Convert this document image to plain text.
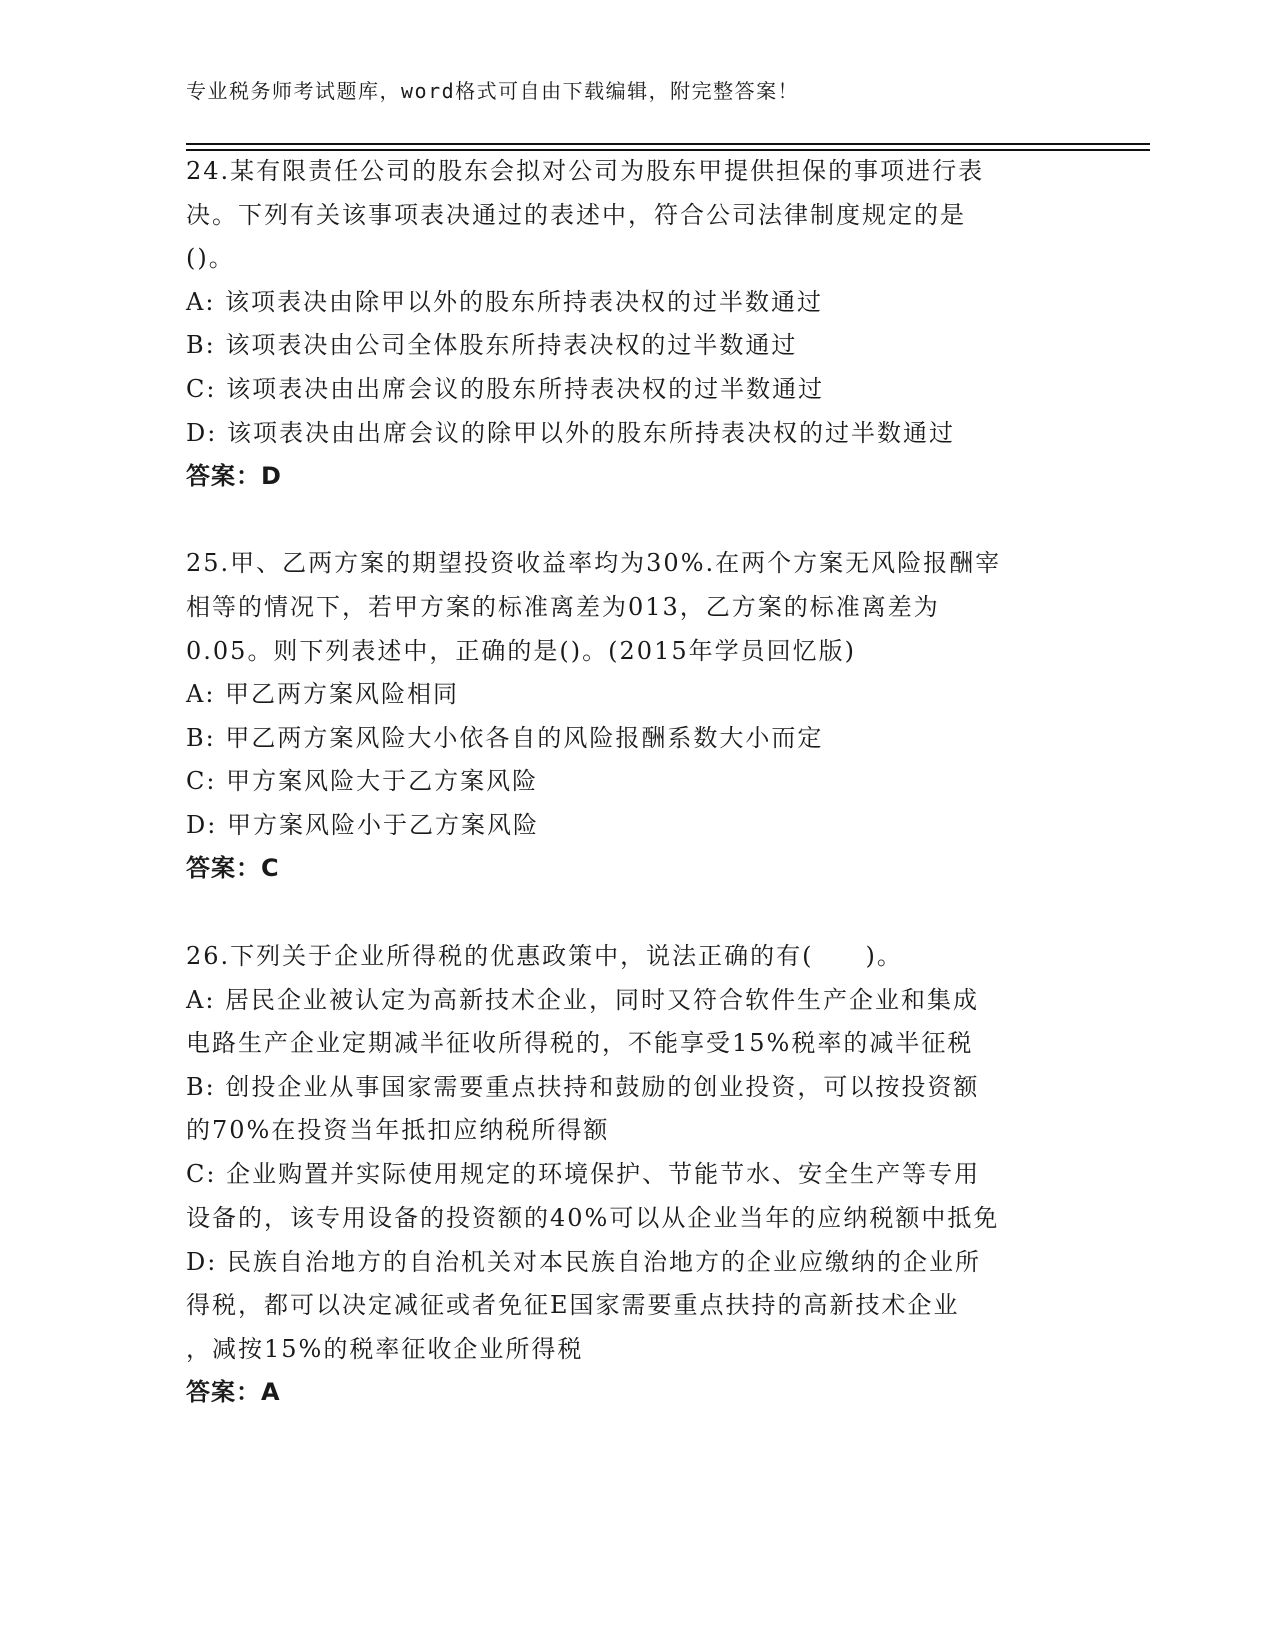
专业税务师考试题库，word格式可自由下载编辑，附完整答案！
24.某有限责任公司的股东会拟对公司为股东甲提供担保的事项进行表
决。下列有关该事项表决通过的表述中，符合公司法律制度规定的是
()。
A: 该项表决由除甲以外的股东所持表决权的过半数通过
B: 该项表决由公司全体股东所持表决权的过半数通过
C: 该项表决由出席会议的股东所持表决权的过半数通过
D: 该项表决由出席会议的除甲以外的股东所持表决权的过半数通过
答案：D
25.甲、乙两方案的期望投资收益率均为30%.在两个方案无风险报酬宰
相等的情况下，若甲方案的标准离差为013，乙方案的标准离差为
0.05。则下列表述中，正确的是()。(2015年学员回忆版)
A: 甲乙两方案风险相同
B: 甲乙两方案风险大小依各自的风险报酬系数大小而定
C: 甲方案风险大于乙方案风险
D: 甲方案风险小于乙方案风险
答案：C
26.下列关于企业所得税的优惠政策中，说法正确的有(　　)。
A: 居民企业被认定为高新技术企业，同时又符合软件生产企业和集成
电路生产企业定期减半征收所得税的，不能享受15%税率的减半征税
B: 创投企业从事国家需要重点扶持和鼓励的创业投资，可以按投资额
的70%在投资当年抵扣应纳税所得额
C: 企业购置并实际使用规定的环境保护、节能节水、安全生产等专用
设备的，该专用设备的投资额的40%可以从企业当年的应纳税额中抵免
D: 民族自治地方的自治机关对本民族自治地方的企业应缴纳的企业所
得税，都可以决定减征或者免征E国家需要重点扶持的高新技术企业
，减按15%的税率征收企业所得税
答案：A
